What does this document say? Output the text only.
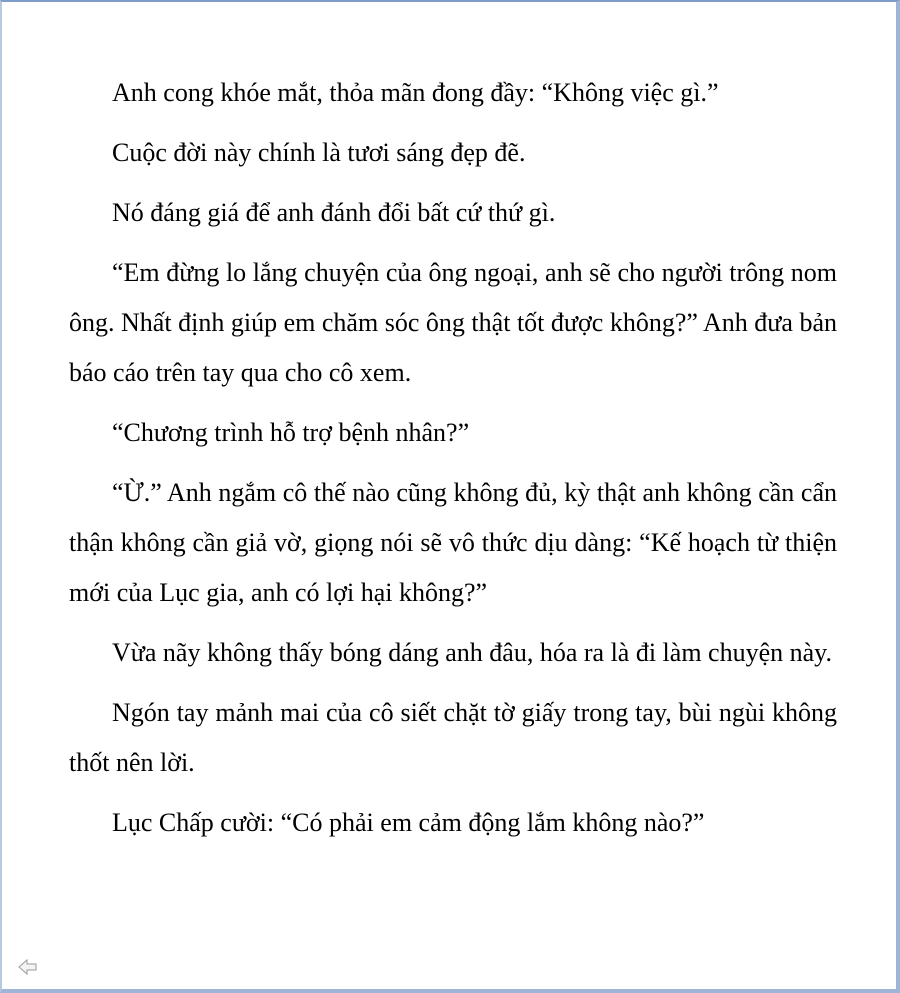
Anh cong khóe mắt, thỏa mãn đong đầy: “Không việc gì.”

Cuộc đời này chính là tươi sáng đẹp đẽ.

Nó đáng giá để anh đánh đổi bất cứ thứ gì.

“Em đừng lo lắng chuyện của ông ngoại, anh sẽ cho người trông nom ông. Nhất định giúp em chăm sóc ông thật tốt được không?” Anh đưa bản báo cáo trên tay qua cho cô xem.

“Chương trình hỗ trợ bệnh nhân?”

“Ừ.” Anh ngắm cô thế nào cũng không đủ, kỳ thật anh không cần cẩn thận không cần giả vờ, giọng nói sẽ vô thức dịu dàng: “Kế hoạch từ thiện mới của Lục gia, anh có lợi hại không?”

Vừa nãy không thấy bóng dáng anh đâu, hóa ra là đi làm chuyện này.

Ngón tay mảnh mai của cô siết chặt tờ giấy trong tay, bùi ngùi không thốt nên lời.

Lục Chấp cười: “Có phải em cảm động lắm không nào?”
